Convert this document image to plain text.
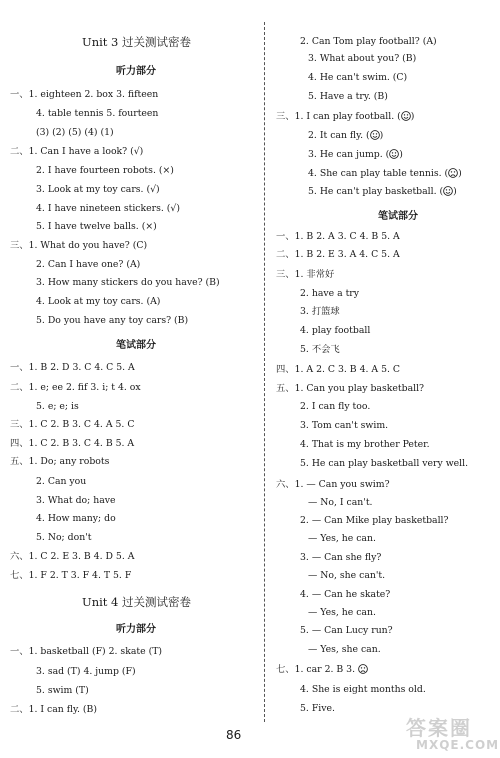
Unit 3 过关测试密卷
听力部分
一、1. eighteen 2. box 3. fifteen
4. table tennis 5. fourteen
(3) (2) (5) (4) (1)
二、1. Can I have a look? (√)
2. I have fourteen robots. (×)
3. Look at my toy cars. (√)
4. I have nineteen stickers. (√)
5. I have twelve balls. (×)
三、1. What do you have? (C)
2. Can I have one? (A)
3. How many stickers do you have? (B)
4. Look at my toy cars. (A)
5. Do you have any toy cars? (B)
笔试部分
一、1. B 2. D 3. C 4. C 5. A
二、1. e; ee 2. fif 3. i; t 4. ox
5. e; e; is
三、1. C 2. B 3. C 4. A 5. C
四、1. C 2. B 3. C 4. B 5. A
五、1. Do; any robots
2. Can you
3. What do; have
4. How many; do
5. No; don't
六、1. C 2. E 3. B 4. D 5. A
七、1. F 2. T 3. F 4. T 5. F
Unit 4 过关测试密卷
听力部分
一、1. basketball (F) 2. skate (T)
3. sad (T) 4. jump (F)
5. swim (T)
二、1. I can fly. (B)
2. Can Tom play football? (A)
3. What about you? (B)
4. He can't swim. (C)
5. Have a try. (B)
三、1. I can play football. ( )
2. It can fly. ( )
3. He can jump. ( )
4. She can play table tennis. ( )
5. He can't play basketball. ( )
笔试部分
一、1. B 2. A 3. C 4. B 5. A
二、1. B 2. E 3. A 4. C 5. A
三、1. 非常好
2. have a try
3. 打篮球
4. play football
5. 不会飞
四、1. A 2. C 3. B 4. A 5. C
五、1. Can you play basketball?
2. I can fly too.
3. Tom can't swim.
4. That is my brother Peter.
5. He can play basketball very well.
六、1. — Can you swim?
— No, I can't.
2. — Can Mike play basketball?
— Yes, he can.
3. — Can she fly?
— No, she can't.
4. — Can he skate?
— Yes, he can.
5. — Can Lucy run?
— Yes, she can.
七、1. car 2. B 3.
4. She is eight months old.
5. Five.
86	答案圈
MXQE.COM
